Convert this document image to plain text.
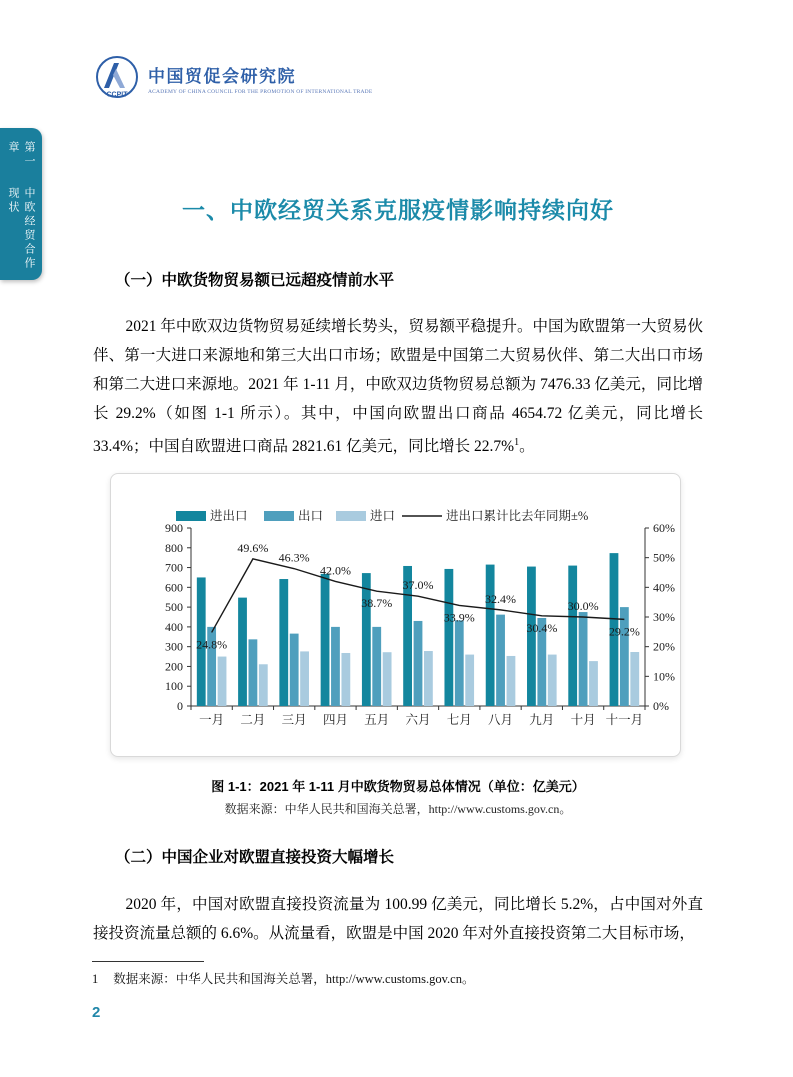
CCPIT
中国贸促会研究院
ACADEMY OF CHINA COUNCIL FOR THE PROMOTION OF INTERNATIONAL TRADE
第一章
中欧经贸合作现状	一、中欧经贸关系克服疫情影响持续向好
（一）中欧货物贸易额已远超疫情前水平

2021 年中欧双边货物贸易延续增长势头，贸易额平稳提升。中国为欧盟第一大贸易伙伴、第一大进口来源地和第三大出口市场；欧盟是中国第二大贸易伙伴、第二大出口市场和第二大进口来源地。2021 年 1-11 月，中欧双边货物贸易总额为 7476.33 亿美元，同比增长 29.2%（如图 1-1 所示）。其中，中国向欧盟出口商品 4654.72 亿美元，同比增长 33.4%；中国自欧盟进口商品 2821.61 亿美元，同比增长 22.7%$^1$。

0
100
200
300
400
500
600
700
800
900
0%
10%
20%
30%
40%
50%
60%
一月 二月 三月 四月 五月 六月 七月 八月 九月 十月 十一月
24.8%
49.6%
46.3%
42.0%
38.7%
37.0%
33.9%
32.4%
30.4%
30.0%
29.2%
进出口	出口	进口	进出口累计比去年同期±%
图 1-1：2021 年 1-11 月中欧货物贸易总体情况（单位：亿美元）
数据来源：中华人民共和国海关总署，http://www.customs.gov.cn。
（二）中国企业对欧盟直接投资大幅增长

2020 年，中国对欧盟直接投资流量为 100.99 亿美元，同比增长 5.2%，占中国对外直接投资流量总额的 6.6%。从流量看，欧盟是中国 2020 年对外直接投资第二大目标市场，

1 数据来源：中华人民共和国海关总署，http://www.customs.gov.cn。
2
